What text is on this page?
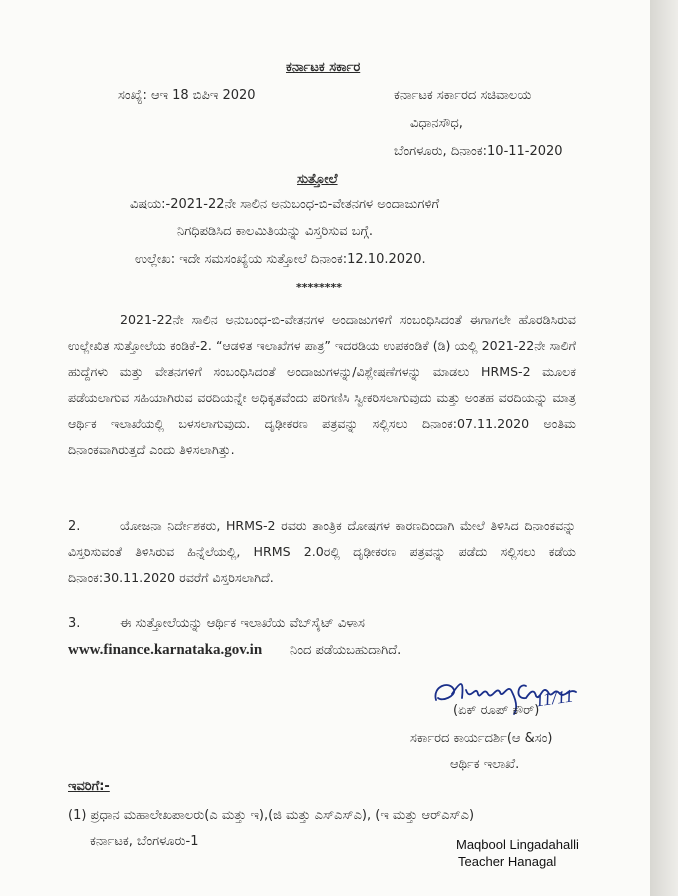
ಕರ್ನಾಟಕ ಸರ್ಕಾರ
ಸಂಖ್ಯೆ: ಆಇ 18 ಬಿಪಿಇ 2020	ಕರ್ನಾಟಕ ಸರ್ಕಾರದ ಸಚಿವಾಲಯ
ವಿಧಾನಸೌಧ,
ಬೆಂಗಳೂರು, ದಿನಾಂಕ:10-11-2020
ಸುತ್ತೋಲೆ
ವಿಷಯ:-2021-22ನೇ ಸಾಲಿನ ಅನುಬಂಧ-ಬಿ-ವೇತನಗಳ ಅಂದಾಜುಗಳಿಗೆ
ನಿಗಧಿಪಡಿಸಿದ ಕಾಲಮಿತಿಯನ್ನು ವಿಸ್ತರಿಸುವ ಬಗ್ಗೆ.
ಉಲ್ಲೇಖ: ಇದೇ ಸಮಸಂಖ್ಯೆಯ ಸುತ್ತೋಲೆ ದಿನಾಂಕ:12.10.2020.
********

2021-22ನೇ ಸಾಲಿನ ಅನುಬಂಧ-ಬಿ-ವೇತನಗಳ ಅಂದಾಜುಗಳಿಗೆ ಸಂಬಂಧಿಸಿದಂತೆ ಈಗಾಗಲೇ ಹೊರಡಿಸಿರುವ ಉಲ್ಲೇಖಿತ ಸುತ್ತೋಲೆಯ ಕಂಡಿಕೆ-2. “ಆಡಳಿತ ಇಲಾಖೆಗಳ ಪಾತ್ರ” ಇದರಡಿಯ ಉಪಕಂಡಿಕೆ (ಡಿ) ಯಲ್ಲಿ 2021-22ನೇ ಸಾಲಿಗೆ ಹುದ್ದೆಗಳು ಮತ್ತು ವೇತನಗಳಿಗೆ ಸಂಬಂಧಿಸಿದಂತೆ ಅಂದಾಜುಗಳನ್ನು/ವಿಶ್ಲೇಷಣೆಗಳನ್ನು ಮಾಡಲು HRMS-2 ಮೂಲಕ ಪಡೆಯಲಾಗುವ ಸಹಿಯಾಗಿರುವ ವರದಿಯನ್ನೇ ಅಧಿಕೃತವೆಂದು ಪರಿಗಣಿಸಿ ಸ್ವೀಕರಿಸಲಾಗುವುದು ಮತ್ತು ಅಂತಹ ವರದಿಯನ್ನು ಮಾತ್ರ ಆರ್ಥಿಕ ಇಲಾಖೆಯಲ್ಲಿ ಬಳಸಲಾಗುವುದು. ದೃಢೀಕರಣ ಪತ್ರವನ್ನು ಸಲ್ಲಿಸಲು ದಿನಾಂಕ:07.11.2020 ಅಂತಿಮ ದಿನಾಂಕವಾಗಿರುತ್ತದೆ ಎಂದು ತಿಳಿಸಲಾಗಿತ್ತು.

2.	ಯೋಜನಾ ನಿರ್ದೇಶಕರು, HRMS-2 ರವರು ತಾಂತ್ರಿಕ ದೋಷಗಳ ಕಾರಣದಿಂದಾಗಿ ಮೇಲೆ ತಿಳಿಸಿದ ದಿನಾಂಕವನ್ನು ವಿಸ್ತರಿಸುವಂತೆ ತಿಳಿಸಿರುವ ಹಿನ್ನೆಲೆಯಲ್ಲಿ, HRMS 2.0ರಲ್ಲಿ ದೃಢೀಕರಣ ಪತ್ರವನ್ನು ಪಡೆದು ಸಲ್ಲಿಸಲು ಕಡೆಯ ದಿನಾಂಕ:30.11.2020 ರವರೆಗೆ ವಿಸ್ತರಿಸಲಾಗಿದೆ.

3.	ಈ ಸುತ್ತೋಲೆಯನ್ನು ಆರ್ಥಿಕ ಇಲಾಖೆಯ ವೆಬ್‌ಸೈಟ್ ವಿಳಾಸ
www.finance.karnataka.gov.in ನಿಂದ ಪಡೆಯಬಹುದಾಗಿದೆ.
11/11
(ಏಕ್ ರೂಪ್ ಕೌರ್)
ಸರ್ಕಾರದ ಕಾರ್ಯದರ್ಶಿ(ಆ &ಸಂ)
ಆರ್ಥಿಕ ಇಲಾಖೆ.
ಇವರಿಗೆ:-
(1) ಪ್ರಧಾನ ಮಹಾಲೇಖಪಾಲರು(ಎ ಮತ್ತು ಇ),(ಜಿ ಮತ್ತು ಎಸ್‌ಎಸ್‌ಎ), (ಇ ಮತ್ತು ಆರ್‌ಎಸ್‌ಎ)
ಕರ್ನಾಟಕ, ಬೆಂಗಳೂರು-1	Maqbool Lingadahalli
Teacher Hanagal
